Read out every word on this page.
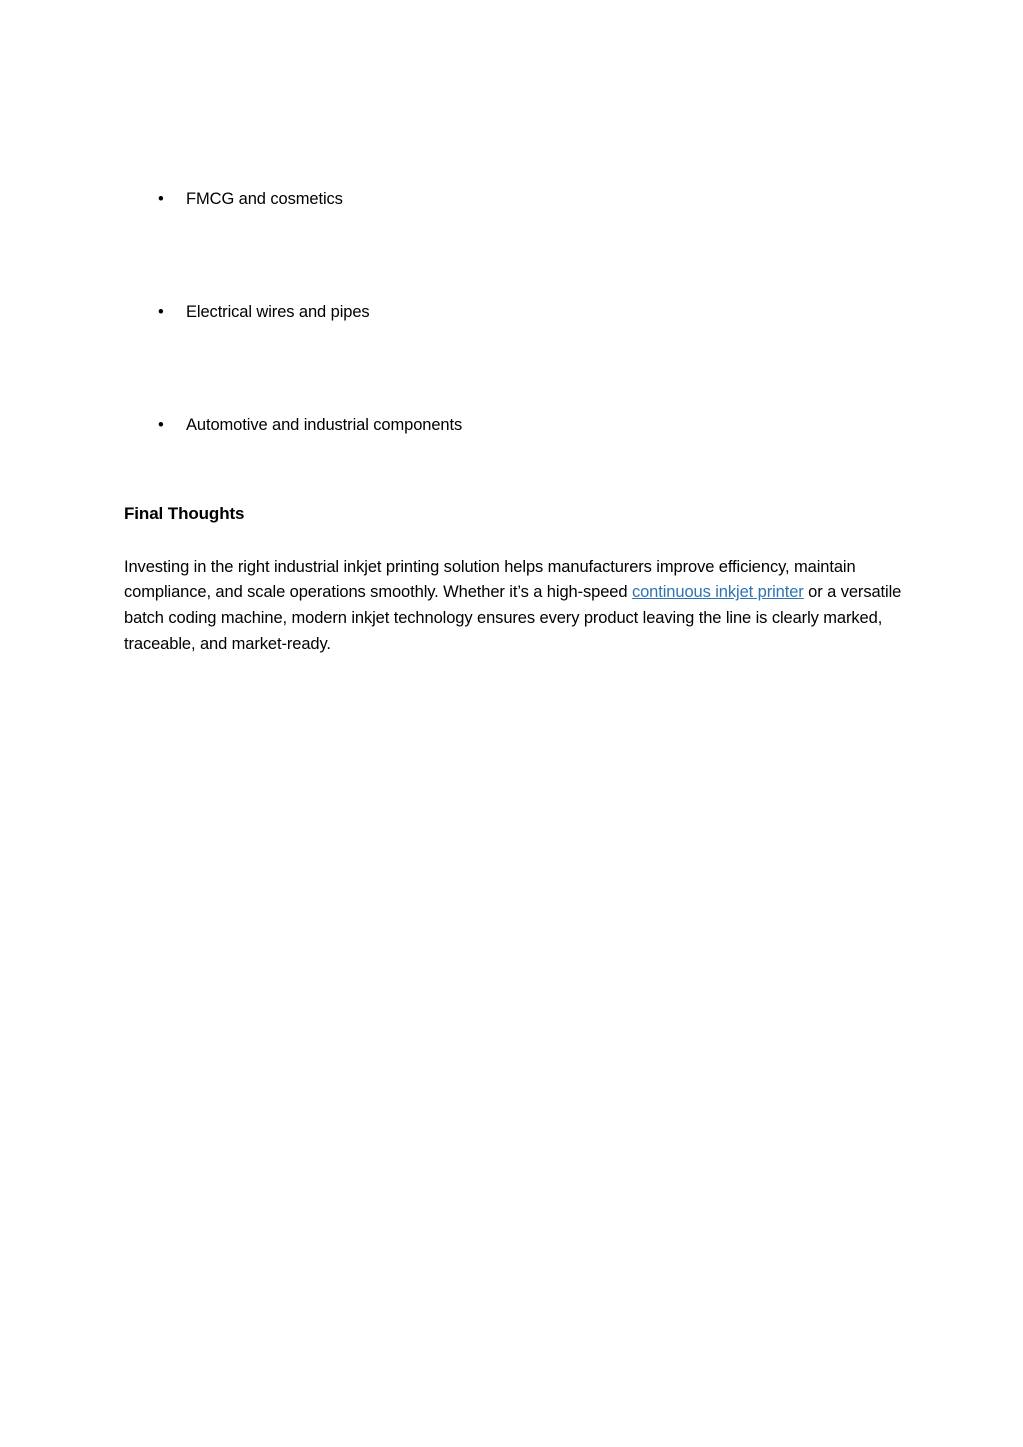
•	FMCG and cosmetics
•	Electrical wires and pipes
•	Automotive and industrial components
Final Thoughts

Investing in the right industrial inkjet printing solution helps manufacturers improve efficiency, maintain compliance, and scale operations smoothly. Whether it’s a high-speed continuous inkjet printer or a versatile batch coding machine, modern inkjet technology ensures every product leaving the line is clearly marked, traceable, and market-ready.
